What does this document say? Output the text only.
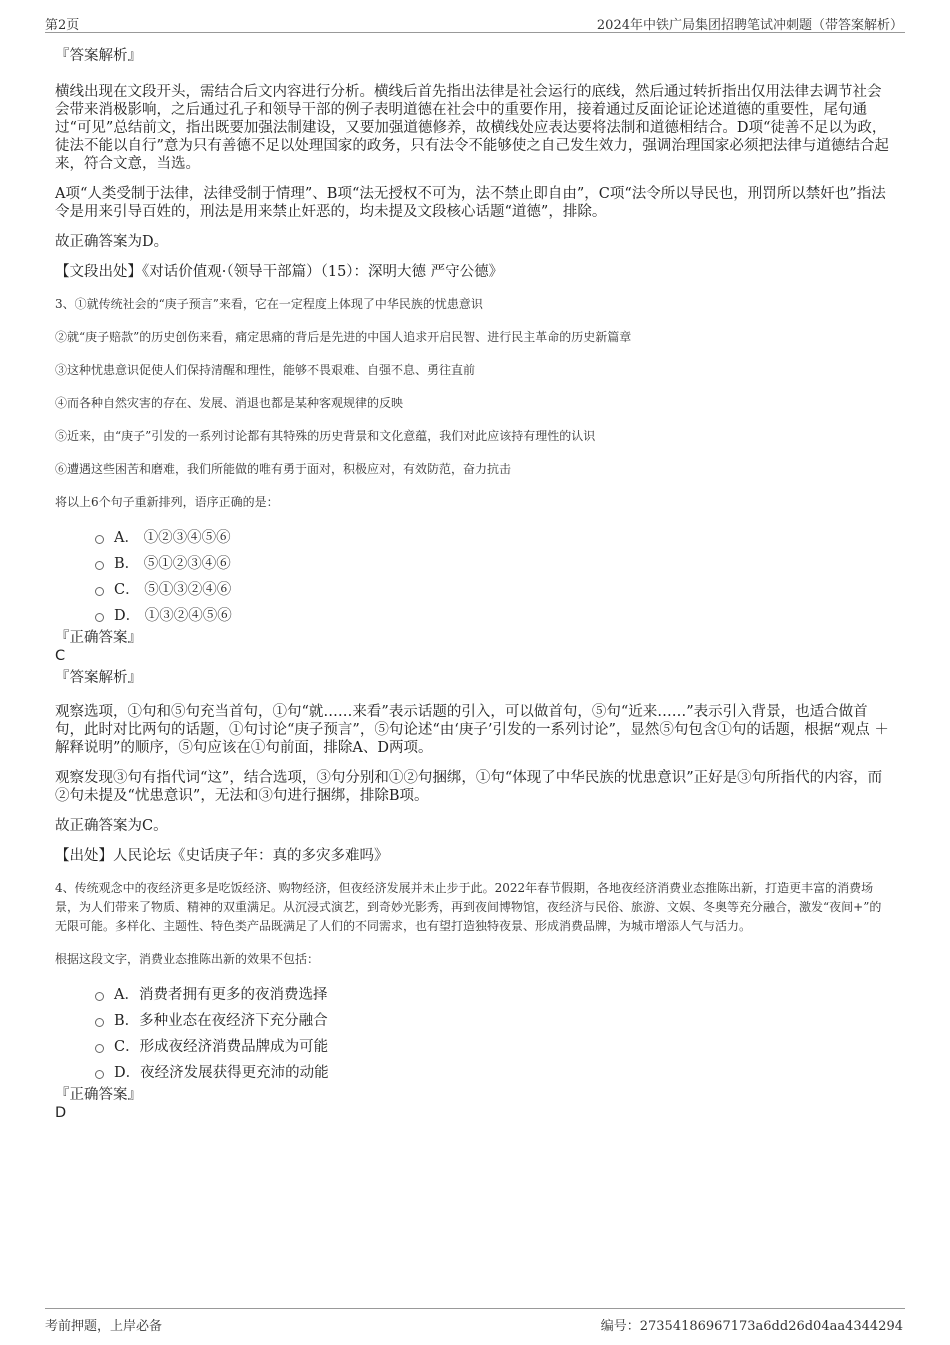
第2页	2024年中铁广局集团招聘笔试冲刺题（带答案解析）

『答案解析』

横线出现在文段开头，需结合后文内容进行分析。横线后首先指出法律是社会运行的底线，然后通过转折指出仅用法律去调节社会会带来消极影响，之后通过孔子和领导干部的例子表明道德在社会中的重要作用，接着通过反面论证论述道德的重要性，尾句通过“可见”总结前文，指出既要加强法制建设，又要加强道德修养，故横线处应表达要将法制和道德相结合。D项“徒善不足以为政，徒法不能以自行”意为只有善德不足以处理国家的政务，只有法令不能够使之自己发生效力，强调治理国家必须把法律与道德结合起来，符合文意，当选。

A项“人类受制于法律，法律受制于情理”、B项“法无授权不可为，法不禁止即自由”，C项“法令所以导民也，刑罚所以禁奸也”指法令是用来引导百姓的，刑法是用来禁止奸恶的，均未提及文段核心话题“道德”，排除。

故正确答案为D。

【文段出处】《对话价值观·（领导干部篇）（15）：深明大德 严守公德》

3、①就传统社会的“庚子预言”来看，它在一定程度上体现了中华民族的忧患意识

②就“庚子赔款”的历史创伤来看，痛定思痛的背后是先进的中国人追求开启民智、进行民主革命的历史新篇章

③这种忧患意识促使人们保持清醒和理性，能够不畏艰难、自强不息、勇往直前

④而各种自然灾害的存在、发展、消退也都是某种客观规律的反映

⑤近来，由“庚子”引发的一系列讨论都有其特殊的历史背景和文化意蕴，我们对此应该持有理性的认识

⑥遭遇这些困苦和磨难，我们所能做的唯有勇于面对，积极应对，有效防范，奋力抗击

将以上6个句子重新排列，语序正确的是：

A． ①②③④⑤⑥
B． ⑤①②③④⑥
C． ⑤①③②④⑥
D． ①③②④⑤⑥

『正确答案』

C

『答案解析』

观察选项，①句和⑤句充当首句，①句“就……来看”表示话题的引入，可以做首句，⑤句“近来……”表示引入背景，也适合做首句，此时对比两句的话题，①句讨论“庚子预言”，⑤句论述“由‘庚子’引发的一系列讨论”，显然⑤句包含①句的话题，根据“观点 ＋ 解释说明”的顺序，⑤句应该在①句前面，排除A、D两项。

观察发现③句有指代词“这”，结合选项，③句分别和①②句捆绑，①句“体现了中华民族的忧患意识”正好是③句所指代的内容，而②句未提及“忧患意识”，无法和③句进行捆绑，排除B项。

故正确答案为C。

【出处】人民论坛《史话庚子年：真的多灾多难吗》

4、传统观念中的夜经济更多是吃饭经济、购物经济，但夜经济发展并未止步于此。2022年春节假期，各地夜经济消费业态推陈出新，打造更丰富的消费场景，为人们带来了物质、精神的双重满足。从沉浸式演艺，到奇妙光影秀，再到夜间博物馆，夜经济与民俗、旅游、文娱、冬奥等充分融合，激发“夜间+”的无限可能。多样化、主题性、特色类产品既满足了人们的不同需求，也有望打造独特夜景、形成消费品牌，为城市增添人气与活力。

根据这段文字，消费业态推陈出新的效果不包括：

A．消费者拥有更多的夜消费选择
B．多种业态在夜经济下充分融合
C．形成夜经济消费品牌成为可能
D．夜经济发展获得更充沛的动能

『正确答案』

D

考前押题，上岸必备	编号：27354186967173a6dd26d04aa4344294
